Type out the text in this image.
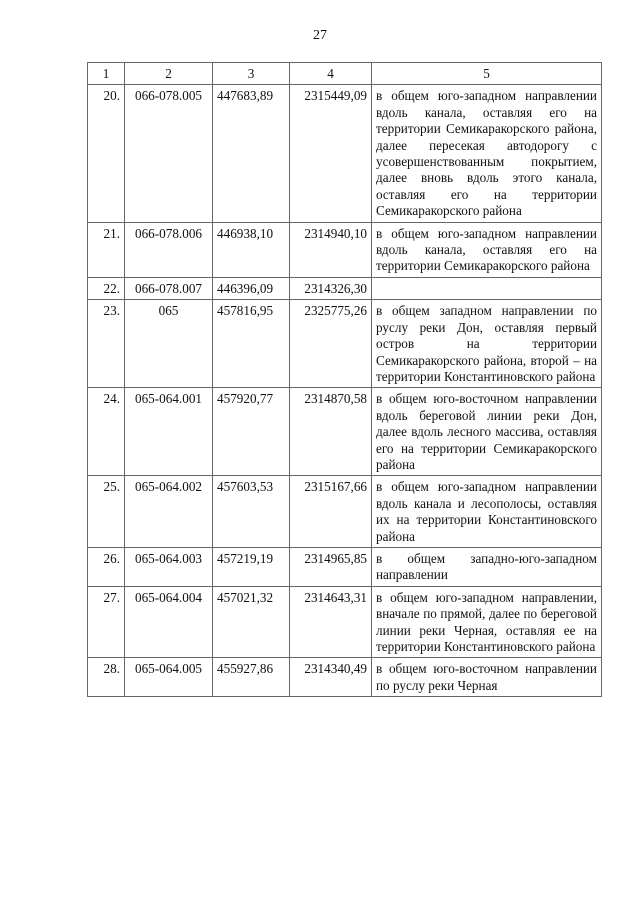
27
1	2	3	4	5
20.	066-078.005	447683,89	2315449,09	в общем юго-западном направлении вдоль канала, оставляя его на территории Семикаракорского района, далее пересекая автодорогу с усовершенствованным покрытием, далее вновь вдоль этого канала, оставляя его на территории Семикаракорского района
21.	066-078.006	446938,10	2314940,10	в общем юго-западном направлении вдоль канала, оставляя его на территории Семикаракорского района
22.	066-078.007	446396,09	2314326,30	
23.	065	457816,95	2325775,26	в общем западном направлении по руслу реки Дон, оставляя первый остров на территории Семикаракорского района, второй – на территории Константиновского района
24.	065-064.001	457920,77	2314870,58	в общем юго-восточном направлении вдоль береговой линии реки Дон, далее вдоль лесного массива, оставляя его на территории Семикаракорского района
25.	065-064.002	457603,53	2315167,66	в общем юго-западном направлении вдоль канала и лесополосы, оставляя их на территории Константиновского района
26.	065-064.003	457219,19	2314965,85	в общем западно-юго-западном направлении
27.	065-064.004	457021,32	2314643,31	в общем юго-западном направлении, вначале по прямой, далее по береговой линии реки Черная, оставляя ее на территории Константиновского района
28.	065-064.005	455927,86	2314340,49	в общем юго-восточном направлении по руслу реки Черная
